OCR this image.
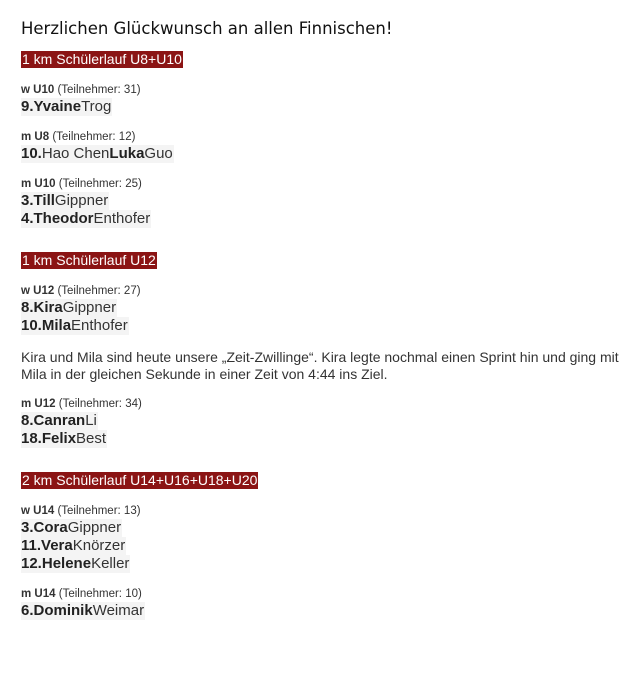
Herzlichen Glückwunsch an allen Finnischen!
1 km Schülerlauf U8+U10
w U10 (Teilnehmer: 31)
9.YvaineTrog
m U8 (Teilnehmer: 12)
10.Hao ChenLukaGuo
m U10 (Teilnehmer: 25)
3.TillGippner
4.TheodorEnthofer
1 km Schülerlauf U12
w U12 (Teilnehmer: 27)
8.KiraGippner
10.MilaEnthofer
Kira und Mila sind heute unsere „Zeit-Zwillinge“. Kira legte nochmal einen Sprint hin und ging mit Mila in der gleichen Sekunde in einer Zeit von 4:44 ins Ziel.
m U12 (Teilnehmer: 34)
8.CanranLi
18.FelixBest
2 km Schülerlauf U14+U16+U18+U20
w U14 (Teilnehmer: 13)
3.CoraGippner
11.VeraKnörzer
12.HeleneKeller
m U14 (Teilnehmer: 10)
6.DominikWeimar
